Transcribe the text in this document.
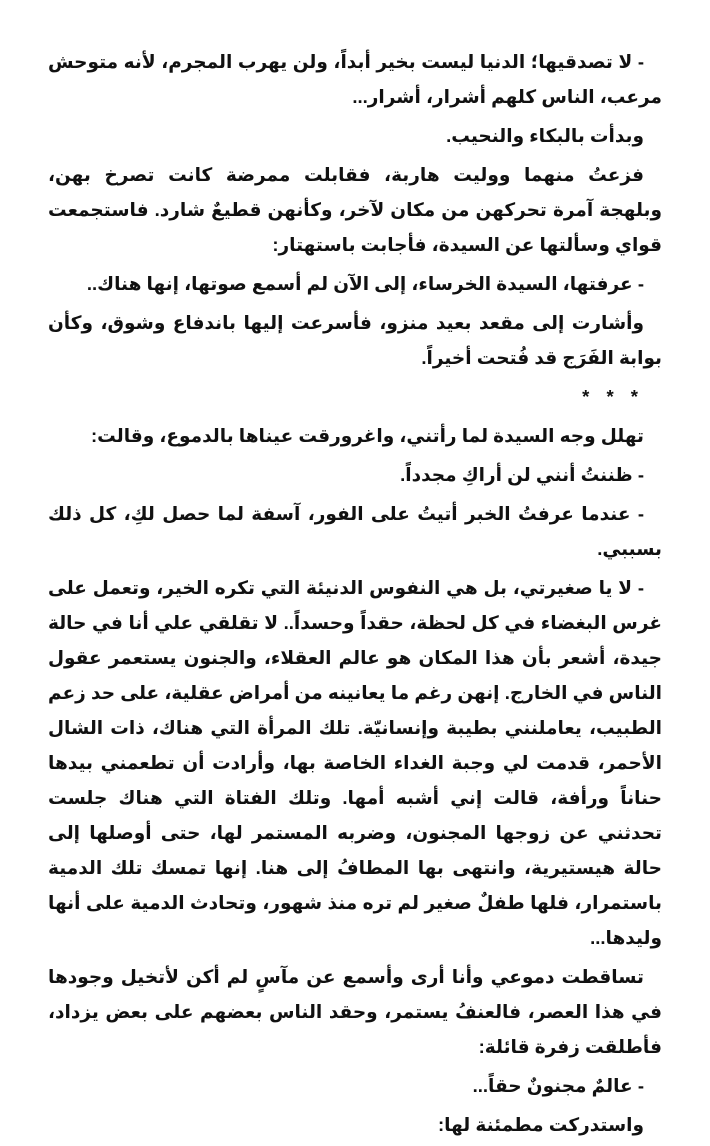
- لا تصدقيها؛ الدنيا ليست بخير أبداً، ولن يهرب المجرم، لأنه متوحش مرعب، الناس كلهم أشرار، أشرار...

وبدأت بالبكاء والنحيب.

فزعتُ منهما ووليت هاربة، فقابلت ممرضة كانت تصرخ بهن، وبلهجة آمرة تحركهن من مكان لآخر، وكأنهن قطيعٌ شارد. فاستجمعت قواي وسألتها عن السيدة، فأجابت باستهتار:

- عرفتها، السيدة الخرساء، إلى الآن لم أسمع صوتها، إنها هناك..

وأشارت إلى مقعد بعيد منزو، فأسرعت إليها باندفاع وشوق، وكأن بوابة الفَرَج قد فُتحت أخيراً.

* * *

تهلل وجه السيدة لما رأتني، واغرورقت عيناها بالدموع، وقالت:

- ظننتُ أنني لن أراكِ مجدداً.

- عندما عرفتُ الخبر أتيتُ على الفور، آسفة لما حصل لكِ، كل ذلك بسببي.

- لا يا صغيرتي، بل هي النفوس الدنيئة التي تكره الخير، وتعمل على غرس البغضاء في كل لحظة، حقداً وحسداً.. لا تقلقي علي أنا في حالة جيدة، أشعر بأن هذا المكان هو عالم العقلاء، والجنون يستعمر عقول الناس في الخارج. إنهن رغم ما يعانينه من أمراض عقلية، على حد زعم الطبيب، يعاملنني بطيبة وإنسانيّة. تلك المرأة التي هناك، ذات الشال الأحمر، قدمت لي وجبة الغداء الخاصة بها، وأرادت أن تطعمني بيدها حناناً ورأفة، قالت إني أشبه أمها. وتلك الفتاة التي هناك جلست تحدثني عن زوجها المجنون، وضربه المستمر لها، حتى أوصلها إلى حالة هيستيرية، وانتهى بها المطافُ إلى هنا. إنها تمسك تلك الدمية باستمرار، فلها طفلٌ صغير لم تره منذ شهور، وتحادث الدمية على أنها وليدها...

تساقطت دموعي وأنا أرى وأسمع عن مآسٍ لم أكن لأتخيل وجودها في هذا العصر، فالعنفُ يستمر، وحقد الناس بعضهم على بعض يزداد، فأطلقت زفرة قائلة:

- عالمٌ مجنونٌ حقاً...

واستدركت مطمئنة لها:
